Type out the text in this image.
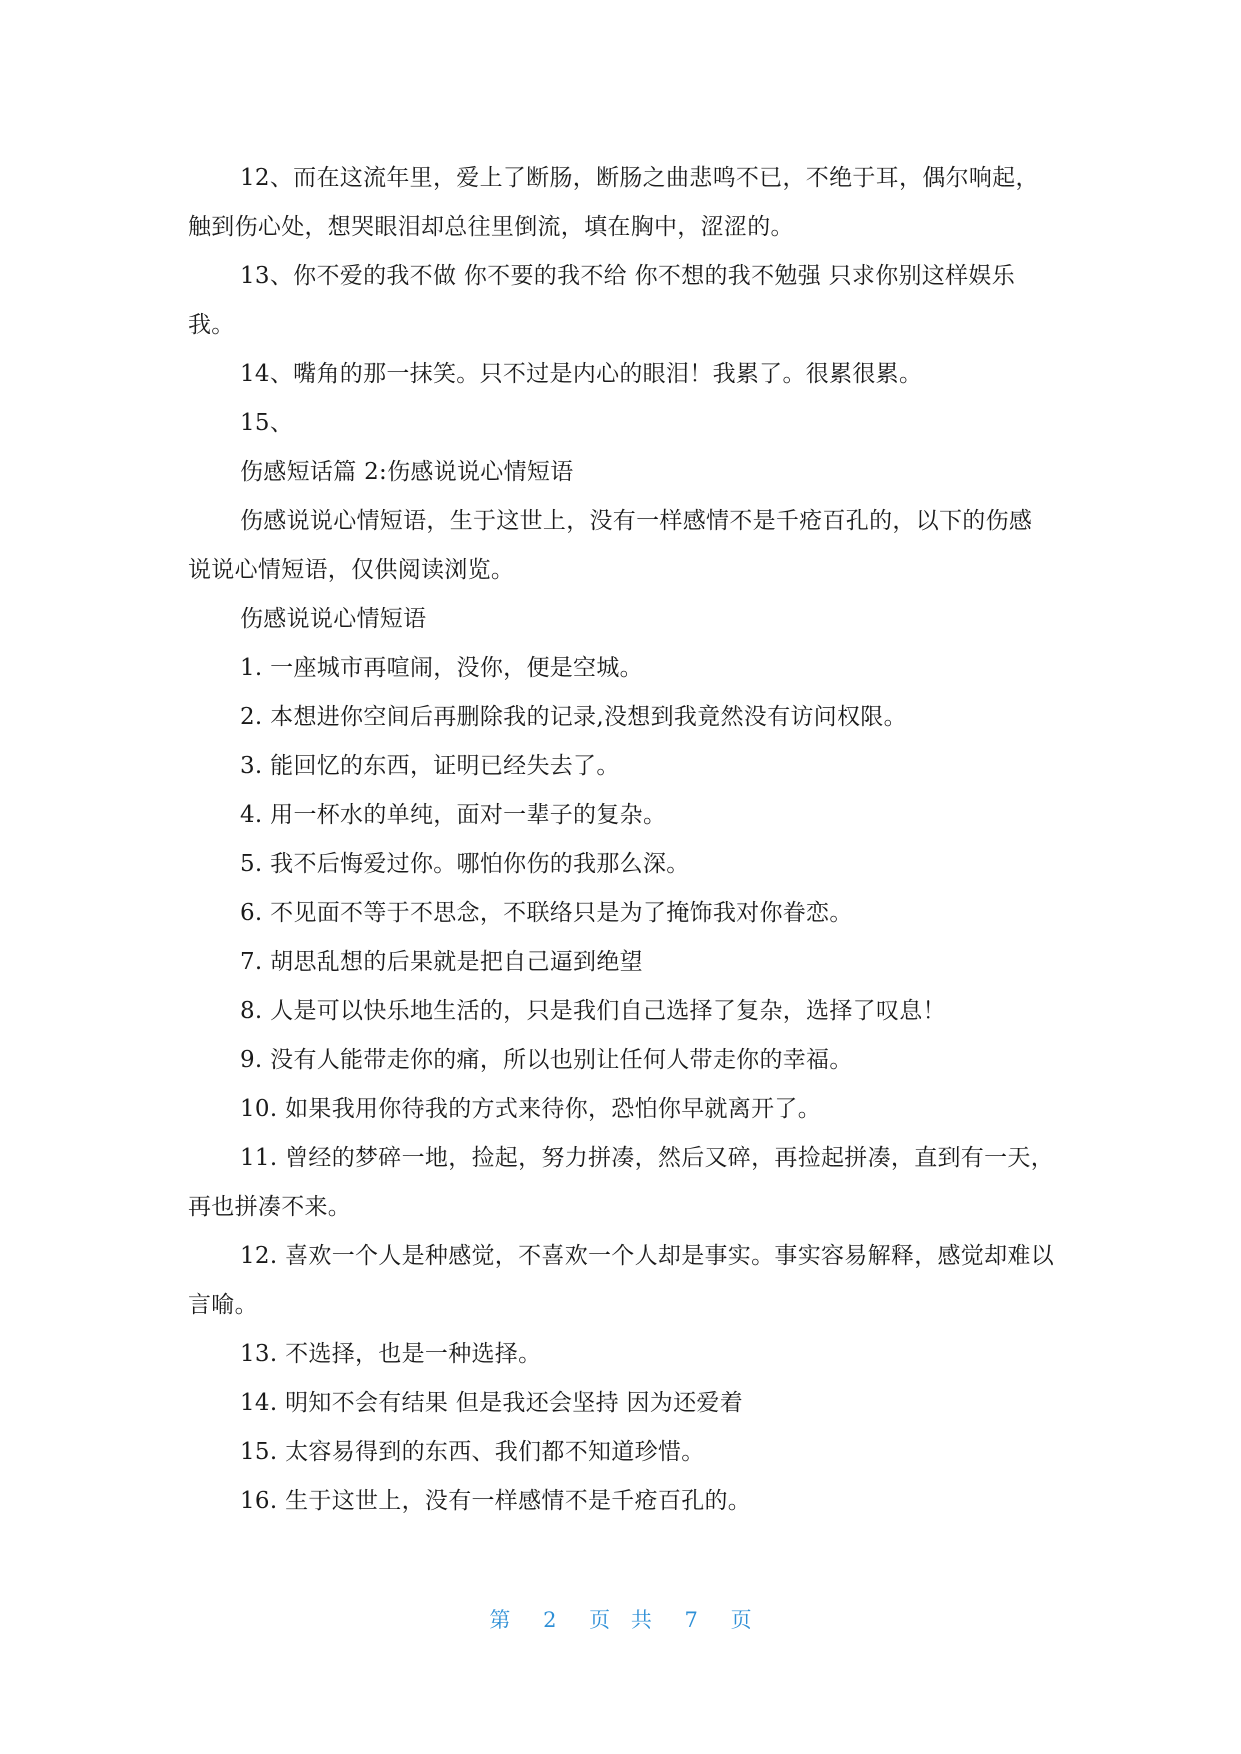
12、而在这流年里，爱上了断肠，断肠之曲悲鸣不已，不绝于耳，偶尔响起，触到伤心处，想哭眼泪却总往里倒流，填在胸中，涩涩的。

13、你不爱的我不做 你不要的我不给 你不想的我不勉强 只求你别这样娱乐我。

14、嘴角的那一抹笑。只不过是内心的眼泪！我累了。很累很累。

15、

伤感短话篇 2:伤感说说心情短语

伤感说说心情短语，生于这世上，没有一样感情不是千疮百孔的，以下的伤感说说心情短语，仅供阅读浏览。

伤感说说心情短语

1. 一座城市再喧闹，没你，便是空城。

2. 本想进你空间后再删除我的记录,没想到我竟然没有访问权限。

3. 能回忆的东西，证明已经失去了。

4. 用一杯水的单纯，面对一辈子的复杂。

5. 我不后悔爱过你。哪怕你伤的我那么深。

6. 不见面不等于不思念，不联络只是为了掩饰我对你眷恋。

7. 胡思乱想的后果就是把自己逼到绝望

8. 人是可以快乐地生活的，只是我们自己选择了复杂，选择了叹息！

9. 没有人能带走你的痛，所以也别让任何人带走你的幸福。

10. 如果我用你待我的方式来待你，恐怕你早就离开了。

11. 曾经的梦碎一地，捡起，努力拼凑，然后又碎，再捡起拼凑，直到有一天，再也拼凑不来。

12. 喜欢一个人是种感觉，不喜欢一个人却是事实。事实容易解释，感觉却难以言喻。

13. 不选择，也是一种选择。

14. 明知不会有结果 但是我还会坚持 因为还爱着

15. 太容易得到的东西、我们都不知道珍惜。

16. 生于这世上，没有一样感情不是千疮百孔的。

第 2 页 共 7 页
